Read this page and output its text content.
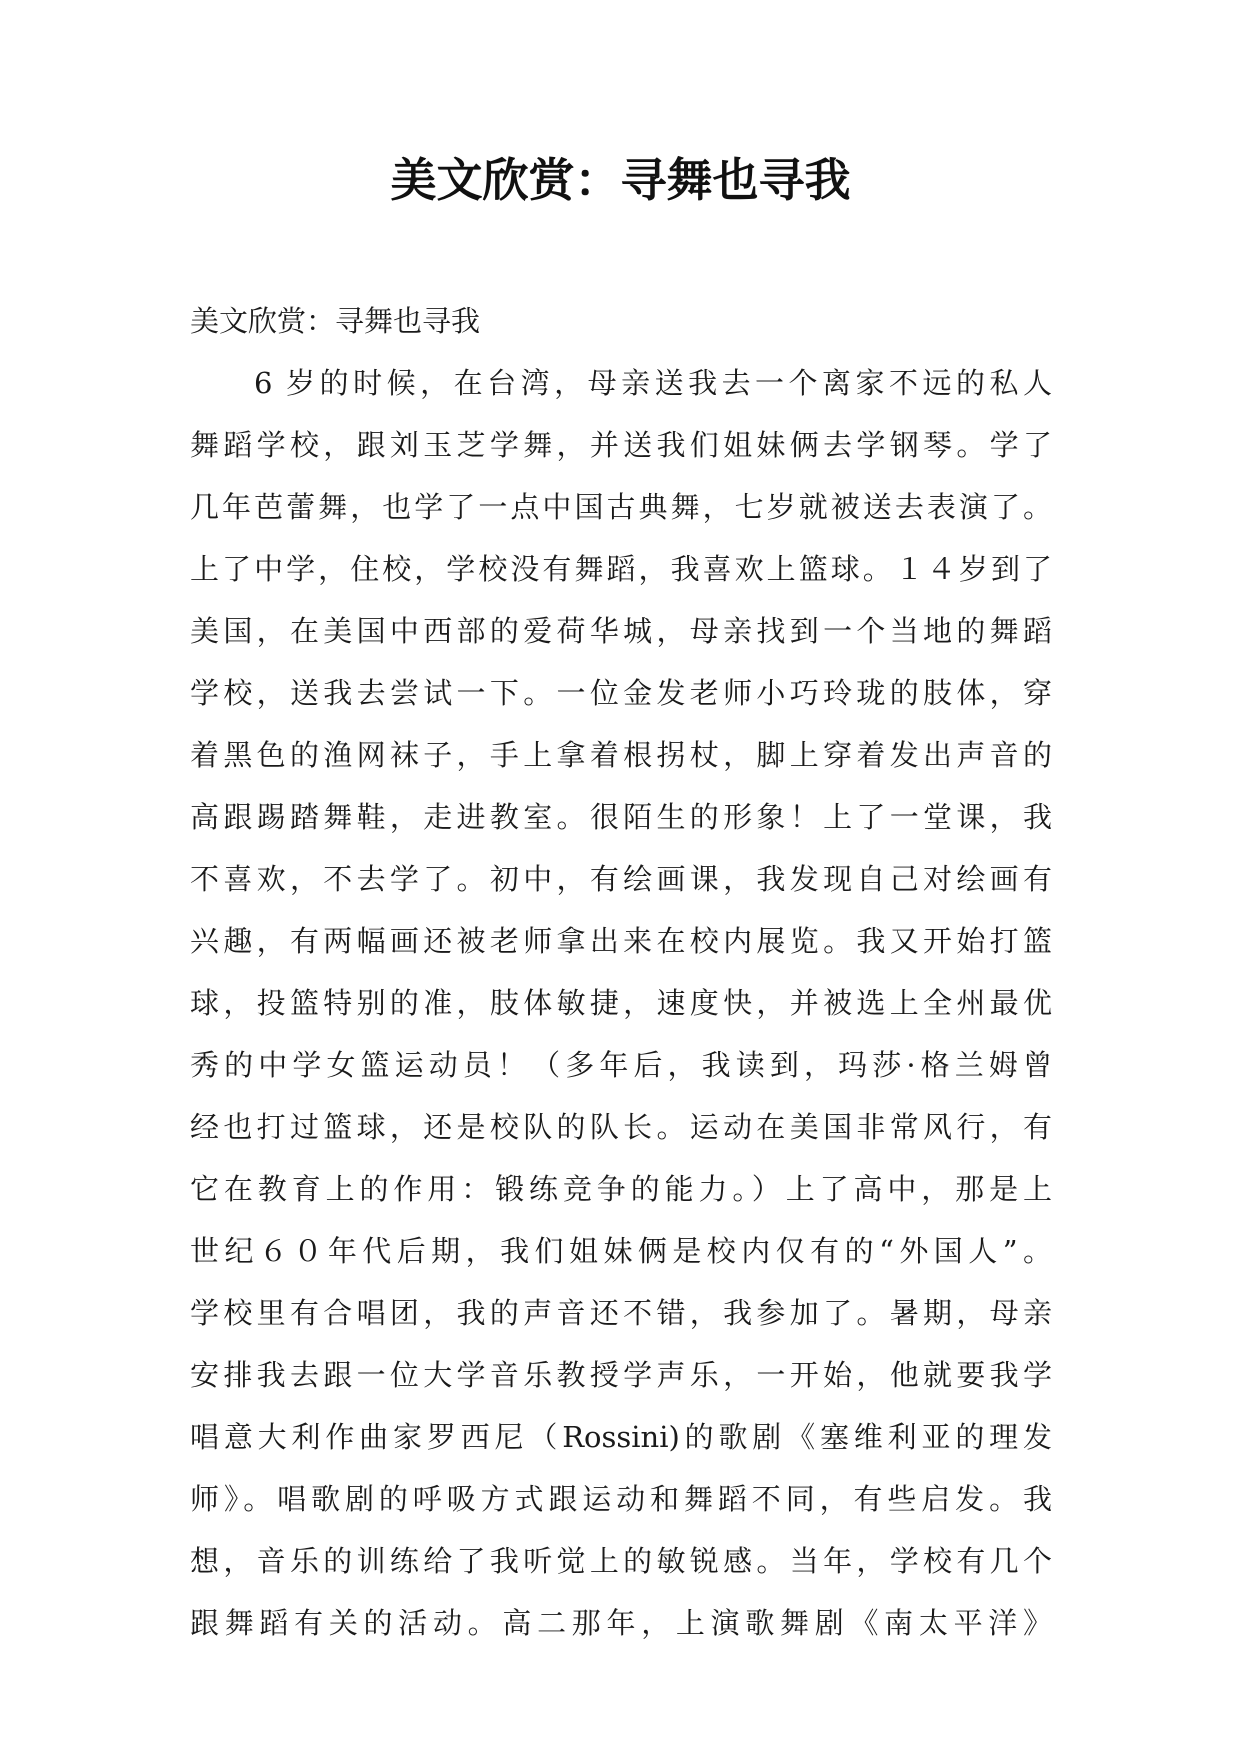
美文欣赏：寻舞也寻我
美文欣赏：寻舞也寻我
6 岁的时候，在台湾，母亲送我去一个离家不远的私人
舞蹈学校，跟刘玉芝学舞，并送我们姐妹俩去学钢琴。学了
几年芭蕾舞，也学了一点中国古典舞，七岁就被送去表演了。
上了中学，住校，学校没有舞蹈，我喜欢上篮球。１４岁到了
美国，在美国中西部的爱荷华城，母亲找到一个当地的舞蹈
学校，送我去尝试一下。一位金发老师小巧玲珑的肢体，穿
着黑色的渔网袜子，手上拿着根拐杖，脚上穿着发出声音的
高跟踢踏舞鞋，走进教室。很陌生的形象！上了一堂课，我
不喜欢，不去学了。初中，有绘画课，我发现自己对绘画有
兴趣，有两幅画还被老师拿出来在校内展览。我又开始打篮
球，投篮特别的准，肢体敏捷，速度快，并被选上全州最优
秀的中学女篮运动员！（多年后，我读到，玛莎·格兰姆曾
经也打过篮球，还是校队的队长。运动在美国非常风行，有
它在教育上的作用：锻练竞争的能力。）上了高中，那是上
世纪６０年代后期，我们姐妹俩是校内仅有的“外国人”。
学校里有合唱团，我的声音还不错，我参加了。暑期，母亲
安排我去跟一位大学音乐教授学声乐，一开始，他就要我学
唱意大利作曲家罗西尼（Rossini)的歌剧《塞维利亚的理发
师》。唱歌剧的呼吸方式跟运动和舞蹈不同，有些启发。我
想，音乐的训练给了我听觉上的敏锐感。当年，学校有几个
跟舞蹈有关的活动。高二那年，上演歌舞剧《南太平洋》
